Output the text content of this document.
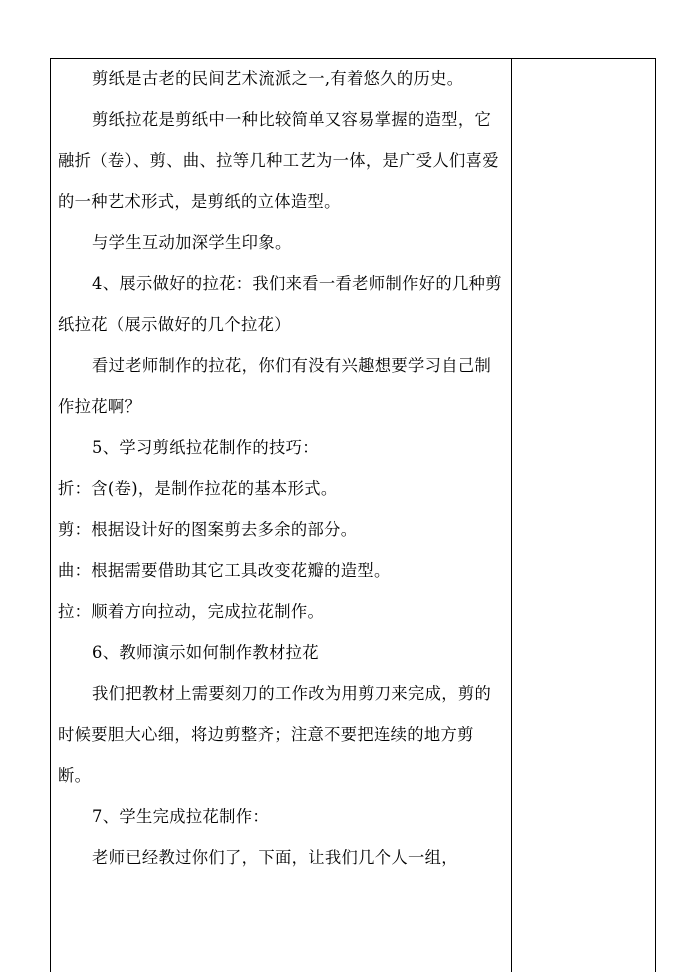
剪纸是古老的民间艺术流派之一,有着悠久的历史。

剪纸拉花是剪纸中一种比较简单又容易掌握的造型，它融折（卷）、剪、曲、拉等几种工艺为一体，是广受人们喜爱的一种艺术形式，是剪纸的立体造型。

与学生互动加深学生印象。

4、展示做好的拉花：我们来看一看老师制作好的几种剪纸拉花（展示做好的几个拉花）

看过老师制作的拉花，你们有没有兴趣想要学习自己制作拉花啊？

5、学习剪纸拉花制作的技巧：

折：含(卷)，是制作拉花的基本形式。

剪：根据设计好的图案剪去多余的部分。

曲：根据需要借助其它工具改变花瓣的造型。

拉：顺着方向拉动，完成拉花制作。

6、教师演示如何制作教材拉花

我们把教材上需要刻刀的工作改为用剪刀来完成，剪的时候要胆大心细，将边剪整齐；注意不要把连续的地方剪断。

7、学生完成拉花制作：

老师已经教过你们了，下面，让我们几个人一组，
